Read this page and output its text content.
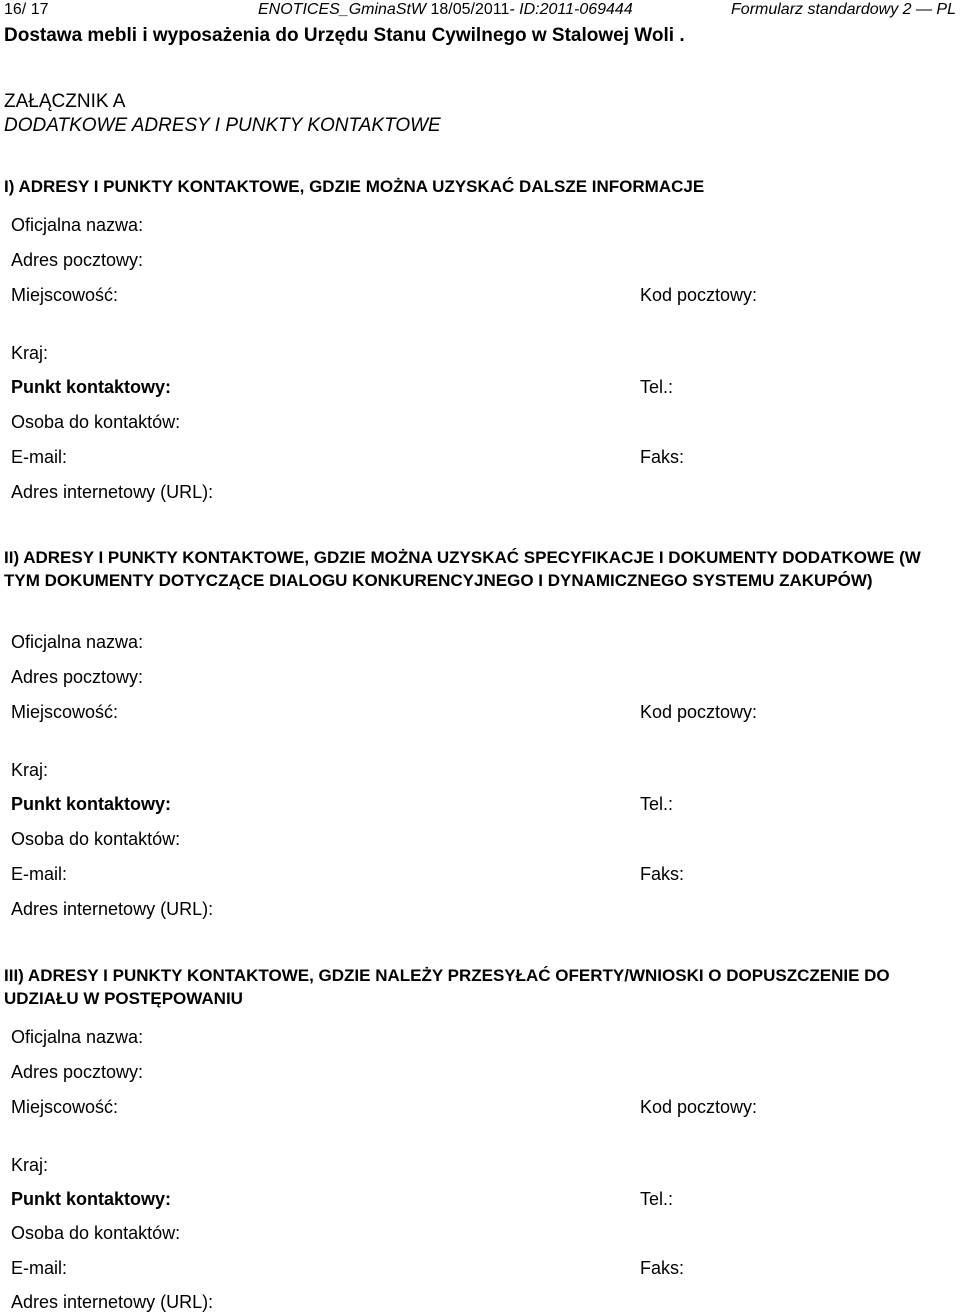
16/ 17	ENOTICES_GminaStW 18/05/2011- ID:2011-069444	Formularz standardowy 2 — PL
Dostawa mebli i wyposażenia do Urzędu Stanu Cywilnego w Stalowej Woli .
ZAŁĄCZNIK A
DODATKOWE ADRESY I PUNKTY KONTAKTOWE
I) ADRESY I PUNKTY KONTAKTOWE, GDZIE MOŻNA UZYSKAĆ DALSZE INFORMACJE
Oficjalna nazwa:
Adres pocztowy:
Miejscowość:	Kod pocztowy:
Kraj:
Punkt kontaktowy:	Tel.:
Osoba do kontaktów:
E-mail:	Faks:
Adres internetowy (URL):
II) ADRESY I PUNKTY KONTAKTOWE, GDZIE MOŻNA UZYSKAĆ SPECYFIKACJE I DOKUMENTY DODATKOWE (W TYM DOKUMENTY DOTYCZĄCE DIALOGU KONKURENCYJNEGO I DYNAMICZNEGO SYSTEMU ZAKUPÓW)
Oficjalna nazwa:
Adres pocztowy:
Miejscowość:	Kod pocztowy:
Kraj:
Punkt kontaktowy:	Tel.:
Osoba do kontaktów:
E-mail:	Faks:
Adres internetowy (URL):
III) ADRESY I PUNKTY KONTAKTOWE, GDZIE NALEŻY PRZESYŁAĆ OFERTY/WNIOSKI O DOPUSZCZENIE DO UDZIAŁU W POSTĘPOWANIU
Oficjalna nazwa:
Adres pocztowy:
Miejscowość:	Kod pocztowy:
Kraj:
Punkt kontaktowy:	Tel.:
Osoba do kontaktów:
E-mail:	Faks:
Adres internetowy (URL):
